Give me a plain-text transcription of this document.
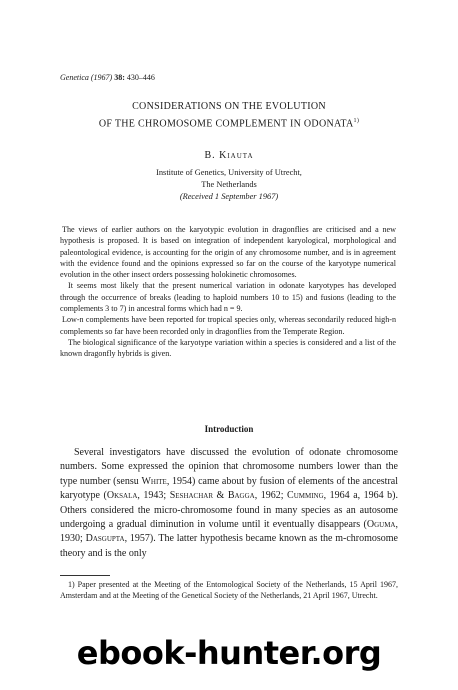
Genetica (1967) 38: 430–446
CONSIDERATIONS ON THE EVOLUTION
OF THE CHROMOSOME COMPLEMENT IN ODONATA$^{1)}$
B. Kiauta
Institute of Genetics, University of Utrecht,
The Netherlands
(Received 1 September 1967)

The views of earlier authors on the karyotypic evolution in dragonflies are criticised and a new hypothesis is proposed. It is based on integration of independent karyological, morphological and paleontological evidence, is accounting for the origin of any chromosome number, and is in agreement with the evidence found and the opinions expressed so far on the course of the karyotype numerical evolution in the other insect orders possessing holokinetic chromosomes.

It seems most likely that the present numerical variation in odonate karyotypes has developed through the occurrence of breaks (leading to haploid numbers 10 to 15) and fusions (leading to the complements 3 to 7) in ancestral forms which had n = 9.

Low-n complements have been reported for tropical species only, whereas secondarily reduced high-n complements so far have been recorded only in dragonflies from the Temperate Region.

The biological significance of the karyotype variation within a species is considered and a list of the known dragonfly hybrids is given.

Introduction

Several investigators have discussed the evolution of odonate chromosome numbers. Some expressed the opinion that chromosome numbers lower than the type number (sensu White, 1954) came about by fusion of elements of the ancestral karyotype (Oksala, 1943; Seshachar & Bagga, 1962; Cumming, 1964 a, 1964 b). Others considered the micro-chromosome found in many species as an autosome undergoing a gradual diminution in volume until it eventually disappears (Oguma, 1930; Dasgupta, 1957). The latter hypothesis became known as the m-chromosome theory and is the only

1) Paper presented at the Meeting of the Entomological Society of the Netherlands, 15 April 1967, Amsterdam and at the Meeting of the Genetical Society of the Netherlands, 21 April 1967, Utrecht.

ebook-hunter.org
